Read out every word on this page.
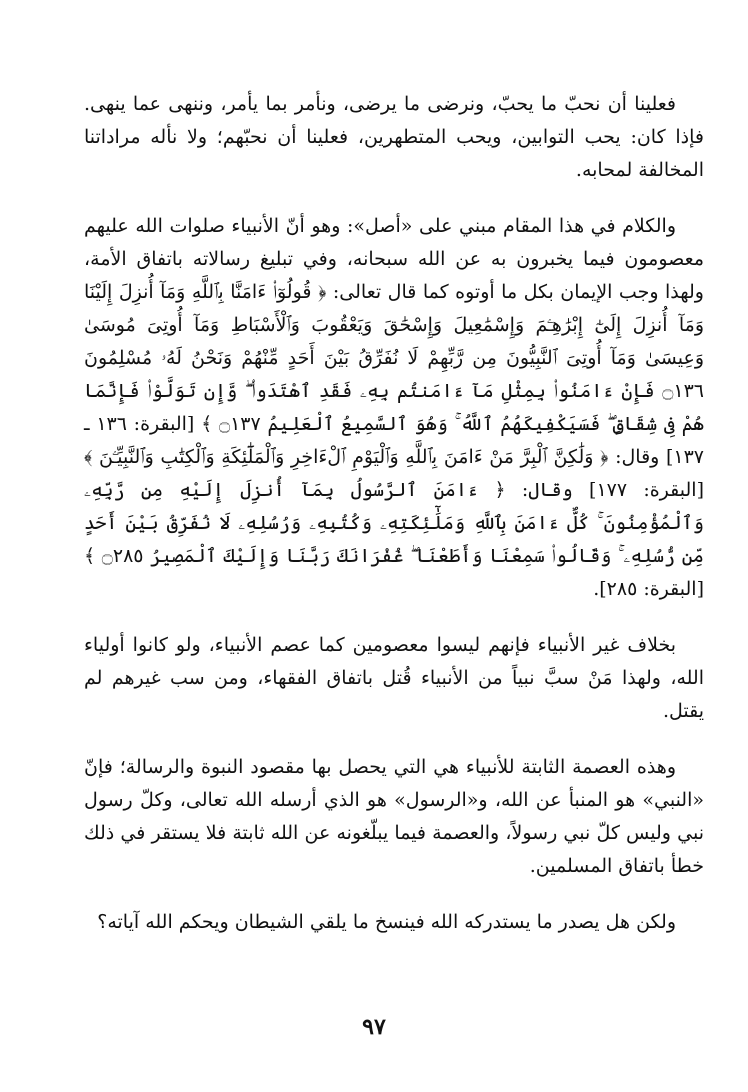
فعلينا أن نحبّ ما يحبّ، ونرضى ما يرضى، ونأمر بما يأمر، وننهى عما ينهى. فإذا كان: يحب التوابين، ويحب المتطهرين، فعلينا أن نحبّهم؛ ولا نأله مراداتنا المخالفة لمحابه.

والكلام في هذا المقام مبني على «أصل»: وهو أنّ الأنبياء صلوات الله عليهم معصومون فيما يخبرون به عن الله سبحانه، وفي تبليغ رسالاته باتفاق الأمة، ولهذا وجب الإيمان بكل ما أوتوه كما قال تعالى: ﴿ قُولُوٓا۟ ءَامَنَّا بِٱللَّهِ وَمَآ أُنزِلَ إِلَيْنَا وَمَآ أُنزِلَ إِلَىٰٓ إِبْرَٰهِـۧمَ وَإِسْمَٰعِيلَ وَإِسْحَٰقَ وَيَعْقُوبَ وَٱلْأَسْبَاطِ وَمَآ أُوتِىَ مُوسَىٰ وَعِيسَىٰ وَمَآ أُوتِىَ ٱلنَّبِيُّونَ مِن رَّبِّهِمْ لَا نُفَرِّقُ بَيْنَ أَحَدٍ مِّنْهُمْ وَنَحْنُ لَهُۥ مُسْلِمُونَ ۝١٣٦ فَإِنْ ءَامَنُوا۟ بِمِثْلِ مَآ ءَامَنتُم بِهِۦ فَقَدِ ٱهْتَدَوا۟ ۖ وَّإِن تَوَلَّوْا۟ فَإِنَّمَا هُمْ فِى شِقَاقٍ ۖ فَسَيَكْفِيكَهُمُ ٱللَّهُ ۚ وَهُوَ ٱلسَّمِيعُ ٱلْعَلِيمُ ۝١٣٧ ﴾ [البقرة: ١٣٦ ـ ١٣٧] وقال: ﴿ وَلَٰكِنَّ ٱلْبِرَّ مَنْ ءَامَنَ بِٱللَّهِ وَٱلْيَوْمِ ٱلْءَاخِرِ وَٱلْمَلَٰٓئِكَةِ وَٱلْكِتَٰبِ وَٱلنَّبِيِّـۧنَ ﴾ [البقرة: ١٧٧] وقال: ﴿ ءَامَنَ ٱلرَّسُولُ بِمَآ أُنزِلَ إِلَيْهِ مِن رَّبِّهِۦ وَٱلْمُؤْمِنُونَ ۚ كُلٌّ ءَامَنَ بِٱللَّهِ وَمَلَٰٓئِكَتِهِۦ وَكُتُبِهِۦ وَرُسُلِهِۦ لَا نُفَرِّقُ بَيْنَ أَحَدٍ مِّن رُّسُلِهِۦ ۚ وَقَالُوا۟ سَمِعْنَا وَأَطَعْنَا ۖ غُفْرَانَكَ رَبَّنَا وَإِلَيْكَ ٱلْمَصِيرُ ۝٢٨٥ ﴾ [البقرة: ٢٨٥].

بخلاف غير الأنبياء فإنهم ليسوا معصومين كما عصم الأنبياء، ولو كانوا أولياء الله، ولهذا مَنْ سبَّ نبياً من الأنبياء قُتل باتفاق الفقهاء، ومن سب غيرهم لم يقتل.

وهذه العصمة الثابتة للأنبياء هي التي يحصل بها مقصود النبوة والرسالة؛ فإنّ «النبي» هو المنبأ عن الله، و«الرسول» هو الذي أرسله الله تعالى، وكلّ رسول نبي وليس كلّ نبي رسولاً، والعصمة فيما يبلّغونه عن الله ثابتة فلا يستقر في ذلك خطأ باتفاق المسلمين.

ولكن هل يصدر ما يستدركه الله فينسخ ما يلقي الشيطان ويحكم الله آياته؟

٩٧
